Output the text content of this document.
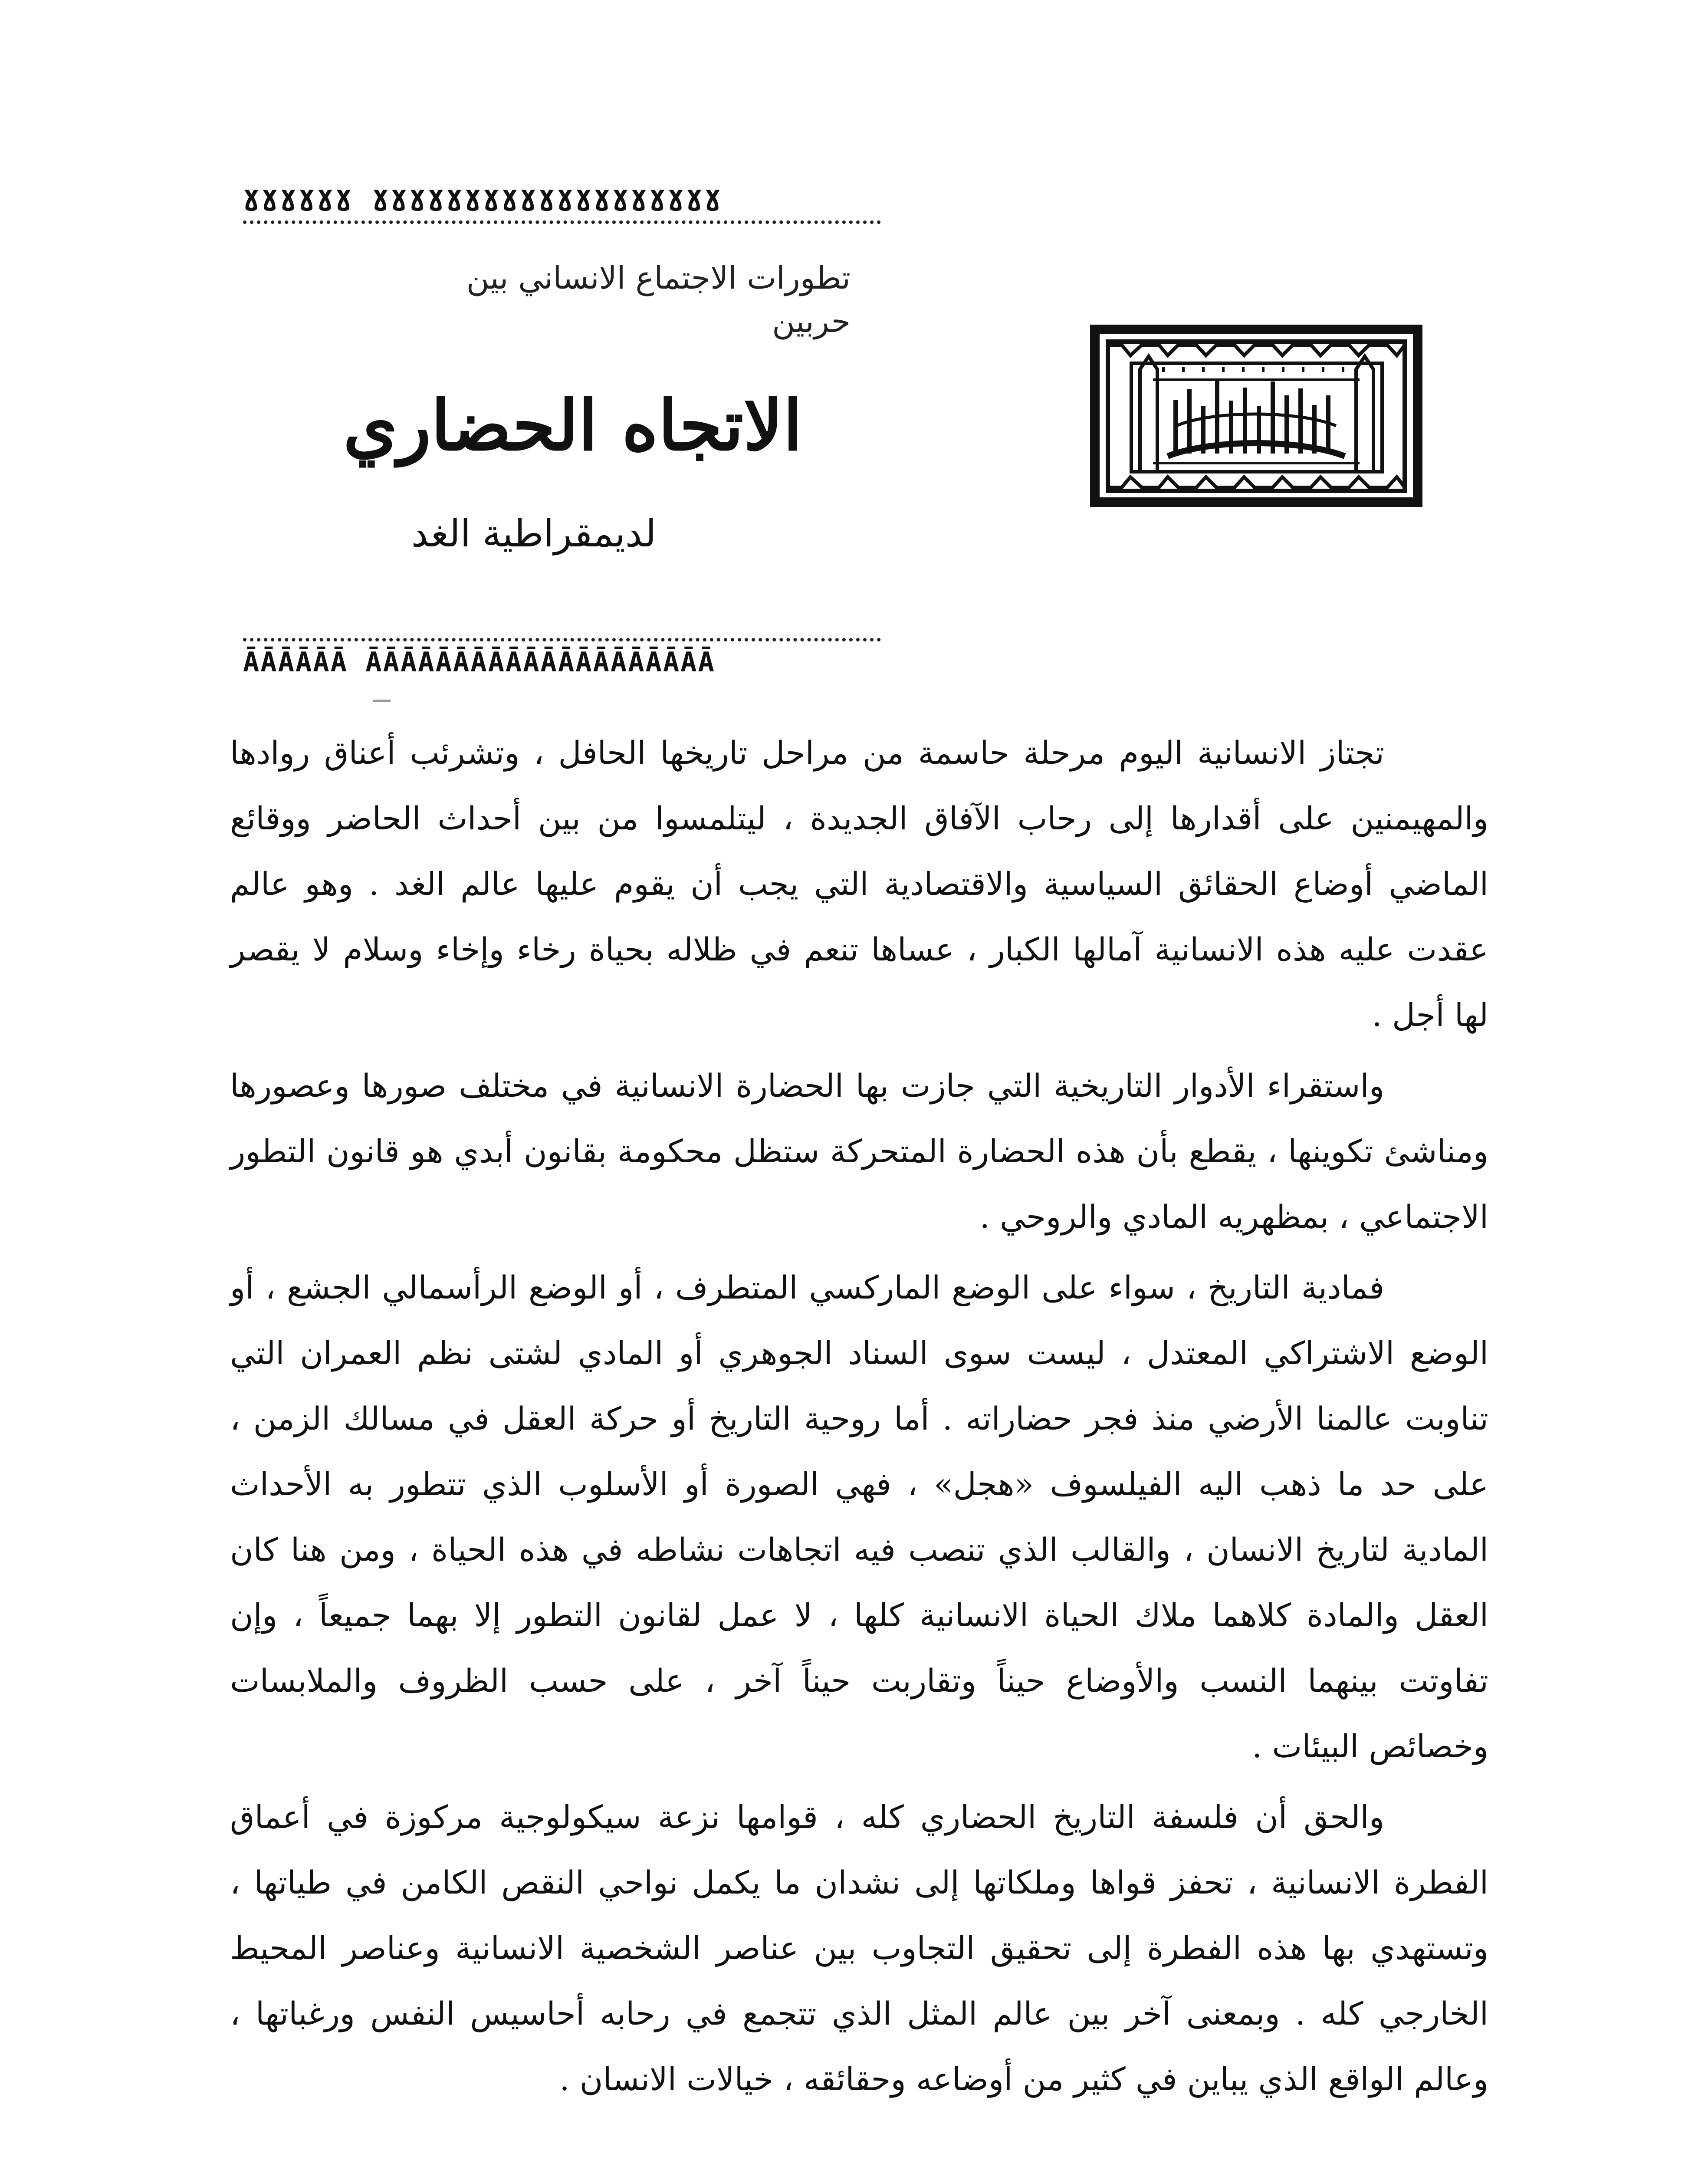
ɣɣɣɣɣɣ ɣɣɣɣɣɣɣɣɣɣɣɣɣɣɣɣɣɣɣ
تطورات الاجتماع الانساني بين حربين
الاتجاه الحضاري
لديمقراطية الغد
ĀĀĀĀĀĀ ĀĀĀĀĀĀĀĀĀĀĀĀĀĀĀĀĀĀĀĀ

تجتاز الانسانية اليوم مرحلة حاسمة من مراحل تاريخها الحافل ، وتشرئب أعناق روادها والمهيمنين على أقدارها إلى رحاب الآفاق الجديدة ، ليتلمسوا من بين أحداث الحاضر ووقائع الماضي أوضاع الحقائق السياسية والاقتصادية التي يجب أن يقوم عليها عالم الغد . وهو عالم عقدت عليه هذه الانسانية آمالها الكبار ، عساها تنعم في ظلاله بحياة رخاء وإخاء وسلام لا يقصر لها أجل .

واستقراء الأدوار التاريخية التي جازت بها الحضارة الانسانية في مختلف صورها وعصورها ومناشئ تكوينها ، يقطع بأن هذه الحضارة المتحركة ستظل محكومة بقانون أبدي هو قانون التطور الاجتماعي ، بمظهريه المادي والروحي .

فمادية التاريخ ، سواء على الوضع الماركسي المتطرف ، أو الوضع الرأسمالي الجشع ، أو الوضع الاشتراكي المعتدل ، ليست سوى السناد الجوهري أو المادي لشتى نظم العمران التي تناوبت عالمنا الأرضي منذ فجر حضاراته . أما روحية التاريخ أو حركة العقل في مسالك الزمن ، على حد ما ذهب اليه الفيلسوف «هجل» ، فهي الصورة أو الأسلوب الذي تتطور به الأحداث المادية لتاريخ الانسان ، والقالب الذي تنصب فيه اتجاهات نشاطه في هذه الحياة ، ومن هنا كان العقل والمادة كلاهما ملاك الحياة الانسانية كلها ، لا عمل لقانون التطور إلا بهما جميعاً ، وإن تفاوتت بينهما النسب والأوضاع حيناً وتقاربت حيناً آخر ، على حسب الظروف والملابسات وخصائص البيئات .

والحق أن فلسفة التاريخ الحضاري كله ، قوامها نزعة سيكولوجية مركوزة في أعماق الفطرة الانسانية ، تحفز قواها وملكاتها إلى نشدان ما يكمل نواحي النقص الكامن في طياتها ، وتستهدي بها هذه الفطرة إلى تحقيق التجاوب بين عناصر الشخصية الانسانية وعناصر المحيط الخارجي كله . وبمعنى آخر بين عالم المثل الذي تتجمع في رحابه أحاسيس النفس ورغباتها ، وعالم الواقع الذي يباين في كثير من أوضاعه وحقائقه ، خيالات الانسان .
